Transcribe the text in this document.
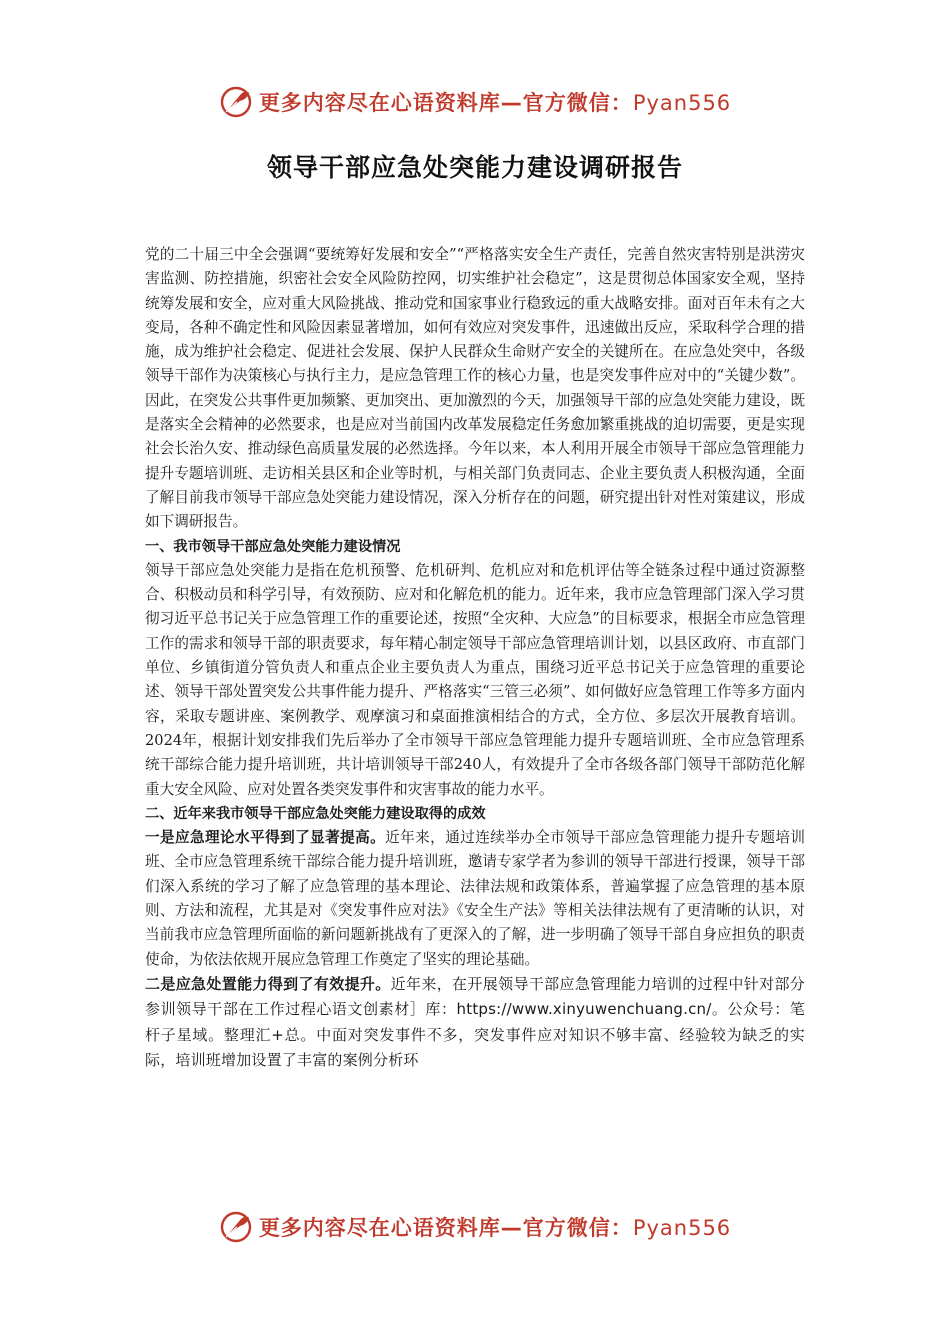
更多内容尽在心语资料库—官方微信：Pyan556
领导干部应急处突能力建设调研报告

党的二十届三中全会强调“要统筹好发展和安全”“严格落实安全生产责任，完善自然灾害特别是洪涝灾害监测、防控措施，织密社会安全风险防控网，切实维护社会稳定”，这是贯彻总体国家安全观，坚持统筹发展和安全，应对重大风险挑战、推动党和国家事业行稳致远的重大战略安排。面对百年未有之大变局，各种不确定性和风险因素显著增加，如何有效应对突发事件，迅速做出反应，采取科学合理的措施，成为维护社会稳定、促进社会发展、保护人民群众生命财产安全的关键所在。在应急处突中，各级领导干部作为决策核心与执行主力，是应急管理工作的核心力量，也是突发事件应对中的“关键少数”。因此，在突发公共事件更加频繁、更加突出、更加激烈的今天，加强领导干部的应急处突能力建设，既是落实全会精神的必然要求，也是应对当前国内改革发展稳定任务愈加繁重挑战的迫切需要，更是实现社会长治久安、推动绿色高质量发展的必然选择。今年以来，本人利用开展全市领导干部应急管理能力提升专题培训班、走访相关县区和企业等时机，与相关部门负责同志、企业主要负责人积极沟通，全面了解目前我市领导干部应急处突能力建设情况，深入分析存在的问题，研究提出针对性对策建议，形成如下调研报告。

一、我市领导干部应急处突能力建设情况

领导干部应急处突能力是指在危机预警、危机研判、危机应对和危机评估等全链条过程中通过资源整合、积极动员和科学引导，有效预防、应对和化解危机的能力。近年来，我市应急管理部门深入学习贯彻习近平总书记关于应急管理工作的重要论述，按照“全灾种、大应急”的目标要求，根据全市应急管理工作的需求和领导干部的职责要求，每年精心制定领导干部应急管理培训计划，以县区政府、市直部门单位、乡镇街道分管负责人和重点企业主要负责人为重点，围绕习近平总书记关于应急管理的重要论述、领导干部处置突发公共事件能力提升、严格落实“三管三必须”、如何做好应急管理工作等多方面内容，采取专题讲座、案例教学、观摩演习和桌面推演相结合的方式，全方位、多层次开展教育培训。2024年，根据计划安排我们先后举办了全市领导干部应急管理能力提升专题培训班、全市应急管理系统干部综合能力提升培训班，共计培训领导干部240人，有效提升了全市各级各部门领导干部防范化解重大安全风险、应对处置各类突发事件和灾害事故的能力水平。

二、近年来我市领导干部应急处突能力建设取得的成效

一是应急理论水平得到了显著提高。近年来，通过连续举办全市领导干部应急管理能力提升专题培训班、全市应急管理系统干部综合能力提升培训班，邀请专家学者为参训的领导干部进行授课，领导干部们深入系统的学习了解了应急管理的基本理论、法律法规和政策体系，普遍掌握了应急管理的基本原则、方法和流程，尤其是对《突发事件应对法》《安全生产法》等相关法律法规有了更清晰的认识，对当前我市应急管理所面临的新问题新挑战有了更深入的了解，进一步明确了领导干部自身应担负的职责使命，为依法依规开展应急管理工作奠定了坚实的理论基础。

二是应急处置能力得到了有效提升。近年来，在开展领导干部应急管理能力培训的过程中针对部分参训领导干部在工作过程心语文创素材］库：https://www.xinyuwenchuang.cn/。公众号：笔杆子星域。整理汇+总。中面对突发事件不多，突发事件应对知识不够丰富、经验较为缺乏的实际，培训班增加设置了丰富的案例分析环

更多内容尽在心语资料库—官方微信：Pyan556
